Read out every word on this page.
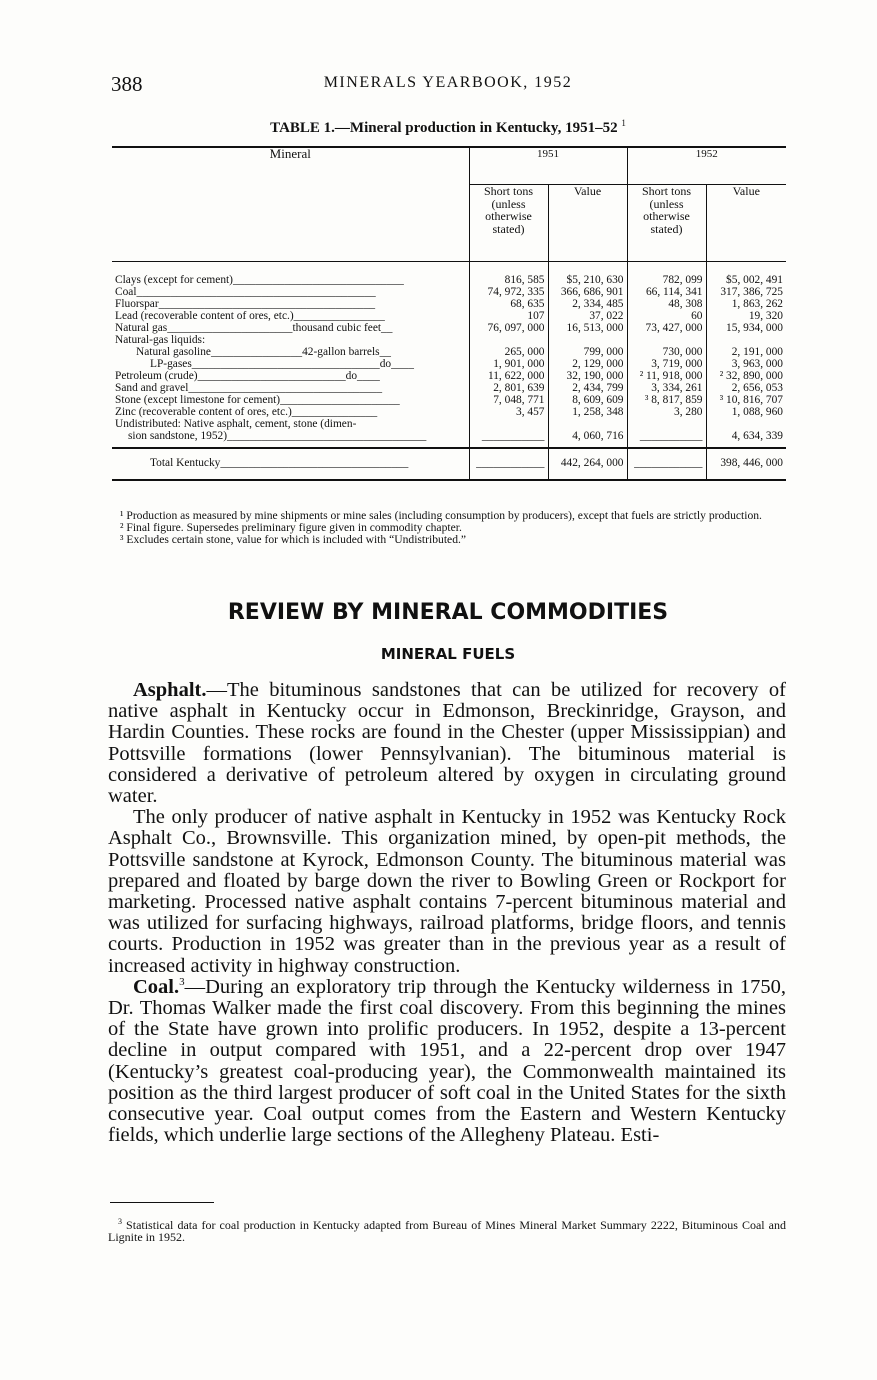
388	MINERALS YEARBOOK, 1952
TABLE 1.—Mineral production in Kentucky, 1951–52 $^1$
Mineral	1951		1952	
	Short tons (unless otherwise stated)	Value	Short tons (unless otherwise stated)	Value
Clays (except for cement)______________________________	816, 585	$5, 210, 630	782, 099	$5, 002, 491
Coal__________________________________________	74, 972, 335	366, 686, 901	66, 114, 341	317, 386, 725
Fluorspar______________________________________	68, 635	2, 334, 485	48, 308	1, 863, 262
Lead (recoverable content of ores, etc.)________________	107	37, 022	60	19, 320
Natural gas______________________thousand cubic feet__	76, 097, 000	16, 513, 000	73, 427, 000	15, 934, 000
Natural-gas liquids:				
Natural gasoline________________42-gallon barrels__	265, 000	799, 000	730, 000	2, 191, 000
LP-gases_________________________________do____	1, 901, 000	2, 129, 000	3, 719, 000	3, 963, 000
Petroleum (crude)__________________________do____	11, 622, 000	32, 190, 000	² 11, 918, 000	² 32, 890, 000
Sand and gravel__________________________________	2, 801, 639	2, 434, 799	3, 334, 261	2, 656, 053
Stone (except limestone for cement)_____________________	7, 048, 771	8, 609, 609	³ 8, 817, 859	³ 10, 816, 707
Zinc (recoverable content of ores, etc.)_______________	3, 457	1, 258, 348	3, 280	1, 088, 960
Undistributed: Native asphalt, cement, stone (dimen-				
sion sandstone, 1952)___________________________________	___________	4, 060, 716	___________	4, 634, 339
Total Kentucky_________________________________	____________	442, 264, 000	____________	398, 446, 000

¹ Production as measured by mine shipments or mine sales (including consumption by producers), except that fuels are strictly production.

² Final figure. Supersedes preliminary figure given in commodity chapter.

³ Excludes certain stone, value for which is included with “Undistributed.”

REVIEW BY MINERAL COMMODITIES
MINERAL FUELS

Asphalt.—The bituminous sandstones that can be utilized for recovery of native asphalt in Kentucky occur in Edmonson, Breckinridge, Grayson, and Hardin Counties. These rocks are found in the Chester (upper Mississippian) and Pottsville formations (lower Pennsylvanian). The bituminous material is considered a derivative of petroleum altered by oxygen in circulating ground water.

The only producer of native asphalt in Kentucky in 1952 was Kentucky Rock Asphalt Co., Brownsville. This organization mined, by open-pit methods, the Pottsville sandstone at Kyrock, Edmonson County. The bituminous material was prepared and floated by barge down the river to Bowling Green or Rockport for marketing. Processed native asphalt contains 7-percent bituminous material and was utilized for surfacing highways, railroad platforms, bridge floors, and tennis courts. Production in 1952 was greater than in the previous year as a result of increased activity in highway construction.

Coal.$^3$—During an exploratory trip through the Kentucky wilderness in 1750, Dr. Thomas Walker made the first coal discovery. From this beginning the mines of the State have grown into prolific producers. In 1952, despite a 13-percent decline in output compared with 1951, and a 22-percent drop over 1947 (Kentucky’s greatest coal-producing year), the Commonwealth maintained its position as the third largest producer of soft coal in the United States for the sixth consecutive year. Coal output comes from the Eastern and Western Kentucky fields, which underlie large sections of the Allegheny Plateau. Esti-

$^3$ Statistical data for coal production in Kentucky adapted from Bureau of Mines Mineral Market Summary 2222, Bituminous Coal and Lignite in 1952.
